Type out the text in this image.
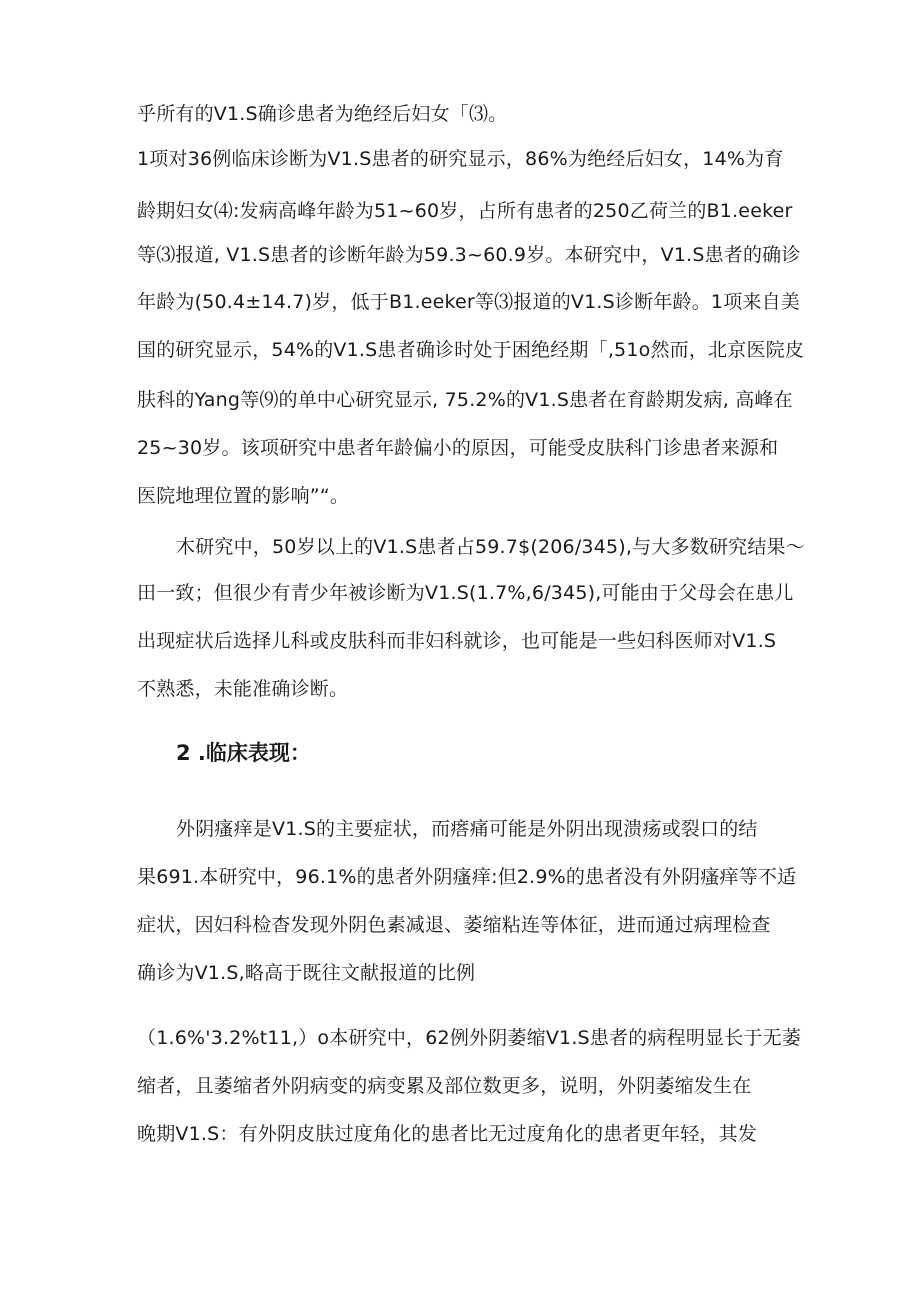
乎所有的V1.S确诊患者为绝经后妇女「⑶。
1项对36例临床诊断为V1.S患者的研究显示，86%为绝经后妇女，14%为育
龄期妇女⑷:发病高峰年龄为51~60岁，占所有患者的250乙荷兰的B1.eeker
等⑶报道, V1.S患者的诊断年龄为59.3~60.9岁。本研究中，V1.S患者的确诊
年龄为(50.4±14.7)岁，低于B1.eeker等⑶报道的V1.S诊断年龄。1项来自美
国的研究显示，54%的V1.S患者确诊时处于困绝经期「,51o然而，北京医院皮
肤科的Yang等⑼的单中心研究显示, 75.2%的V1.S患者在育龄期发病, 高峰在
25~30岁。该项研究中患者年龄偏小的原因，可能受皮肤科门诊患者来源和
医院地理位置的影响”“。
木研究中，50岁以上的V1.S患者占59.7$(206/345),与大多数研究结果〜
田一致；但很少有青少年被诊断为V1.S(1.7%,6/345),可能由于父母会在患儿
出现症状后选择儿科或皮肤科而非妇科就诊，也可能是一些妇科医师对V1.S
不熟悉，未能准确诊断。
2 .临床表现：
外阴瘙痒是V1.S的主要症状，而瘩痛可能是外阴出现溃疡或裂口的结
果691.本研究中，96.1%的患者外阴瘙痒:但2.9%的患者没有外阴瘙痒等不适
症状，因妇科检杳发现外阴色素减退、萎缩粘连等体征，进而通过病理检查
确诊为V1.S,略高于既往文献报道的比例
（1.6%'3.2%t11,）o本研究中，62例外阴萎缩V1.S患者的病程明显长于无萎
缩者，且萎缩者外阴病变的病变累及部位数更多，说明，外阴萎缩发生在
晚期V1.S：有外阴皮肤过度角化的患者比无过度角化的患者更年轻，其发
